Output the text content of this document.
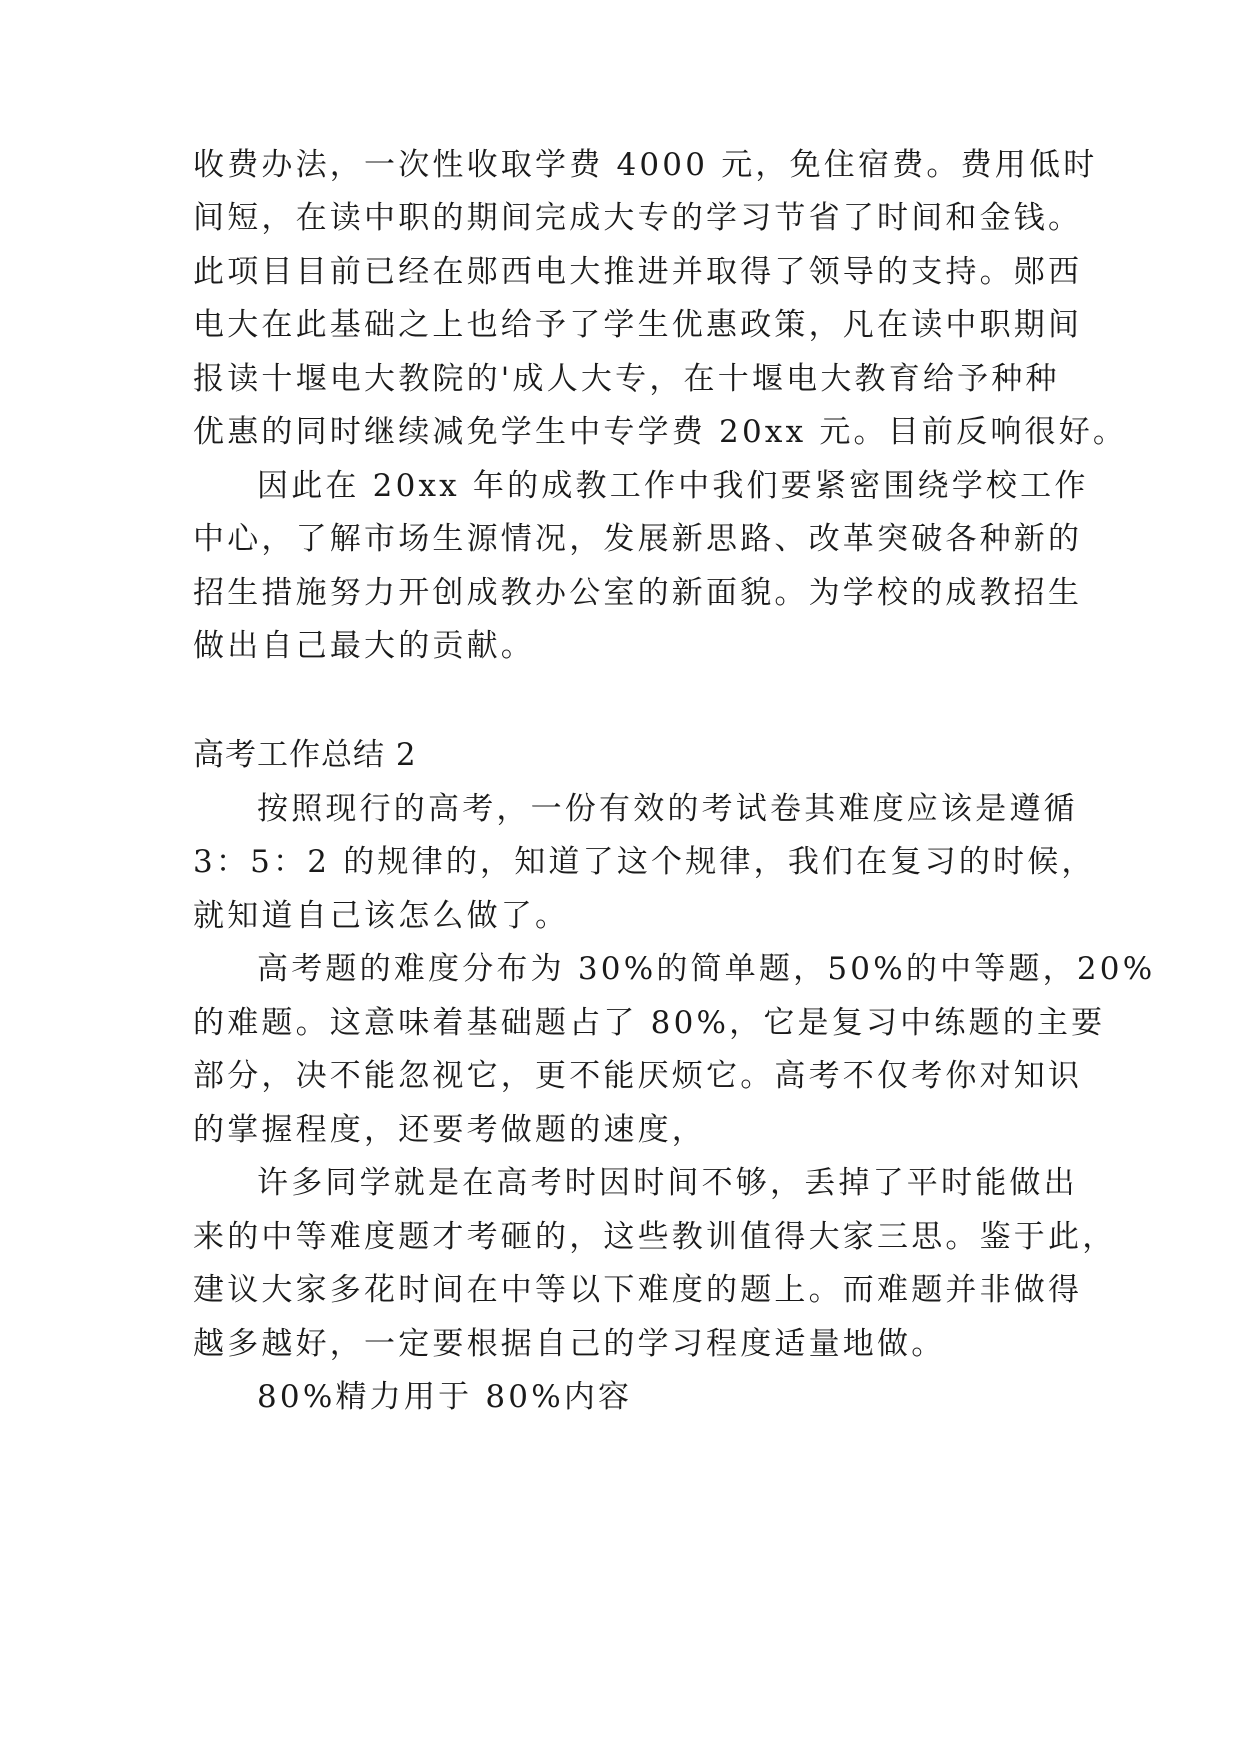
收费办法，一次性收取学费 4000 元，免住宿费。费用低时
间短，在读中职的期间完成大专的学习节省了时间和金钱。
此项目目前已经在郧西电大推进并取得了领导的支持。郧西
电大在此基础之上也给予了学生优惠政策，凡在读中职期间
报读十堰电大教院的'成人大专，在十堰电大教育给予种种
优惠的同时继续减免学生中专学费 20xx 元。目前反响很好。
因此在 20xx 年的成教工作中我们要紧密围绕学校工作
中心，了解市场生源情况，发展新思路、改革突破各种新的
招生措施努力开创成教办公室的新面貌。为学校的成教招生
做出自己最大的贡献。
高考工作总结 2
按照现行的高考，一份有效的考试卷其难度应该是遵循
3：5：2 的规律的，知道了这个规律，我们在复习的时候，
就知道自己该怎么做了。
高考题的难度分布为 30%的简单题，50%的中等题，20%
的难题。这意味着基础题占了 80%，它是复习中练题的主要
部分，决不能忽视它，更不能厌烦它。高考不仅考你对知识
的掌握程度，还要考做题的速度，
许多同学就是在高考时因时间不够，丢掉了平时能做出
来的中等难度题才考砸的，这些教训值得大家三思。鉴于此，
建议大家多花时间在中等以下难度的题上。而难题并非做得
越多越好，一定要根据自己的学习程度适量地做。
80%精力用于 80%内容
